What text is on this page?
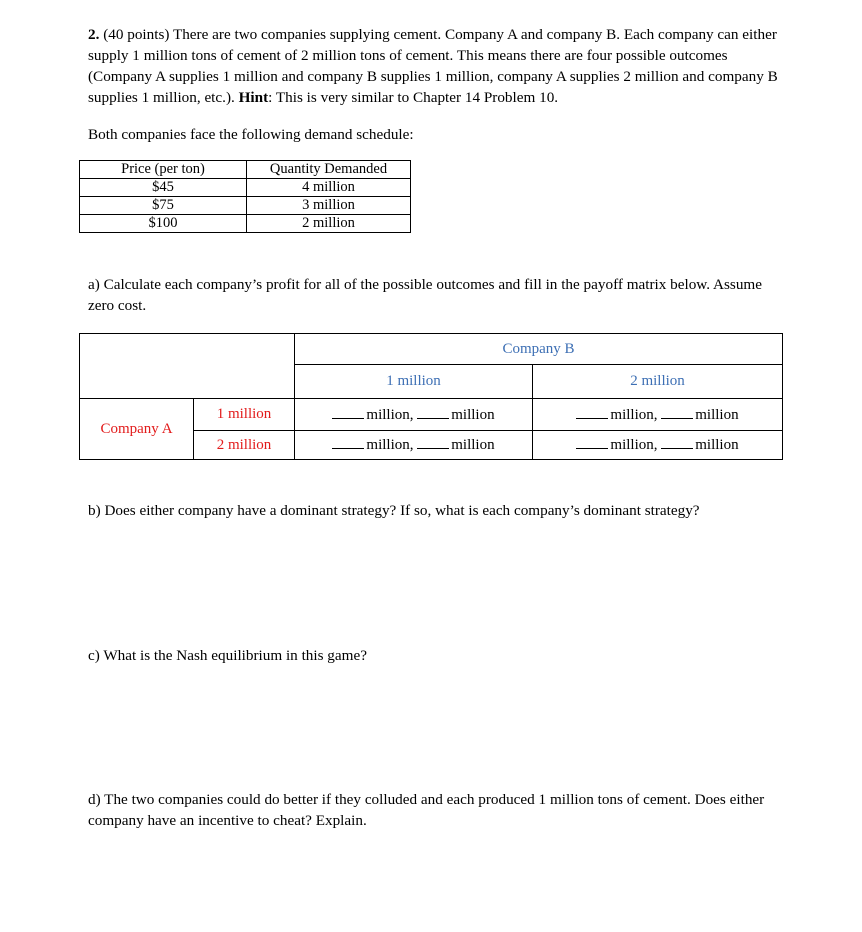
2. (40 points) There are two companies supplying cement. Company A and company B. Each company can either supply 1 million tons of cement of 2 million tons of cement. This means there are four possible outcomes (Company A supplies 1 million and company B supplies 1 million, company A supplies 2 million and company B supplies 1 million, etc.). Hint: This is very similar to Chapter 14 Problem 10.
Both companies face the following demand schedule:
Price (per ton)	Quantity Demanded
$45	4 million
$75	3 million
$100	2 million
a) Calculate each company’s profit for all of the possible outcomes and fill in the payoff matrix below. Assume zero cost.
		Company B	
		1 million	2 million
Company A	1 million	million, million	million, million
	2 million	million, million	million, million
b) Does either company have a dominant strategy? If so, what is each company’s dominant strategy?
c) What is the Nash equilibrium in this game?
d) The two companies could do better if they colluded and each produced 1 million tons of cement. Does either company have an incentive to cheat? Explain.
